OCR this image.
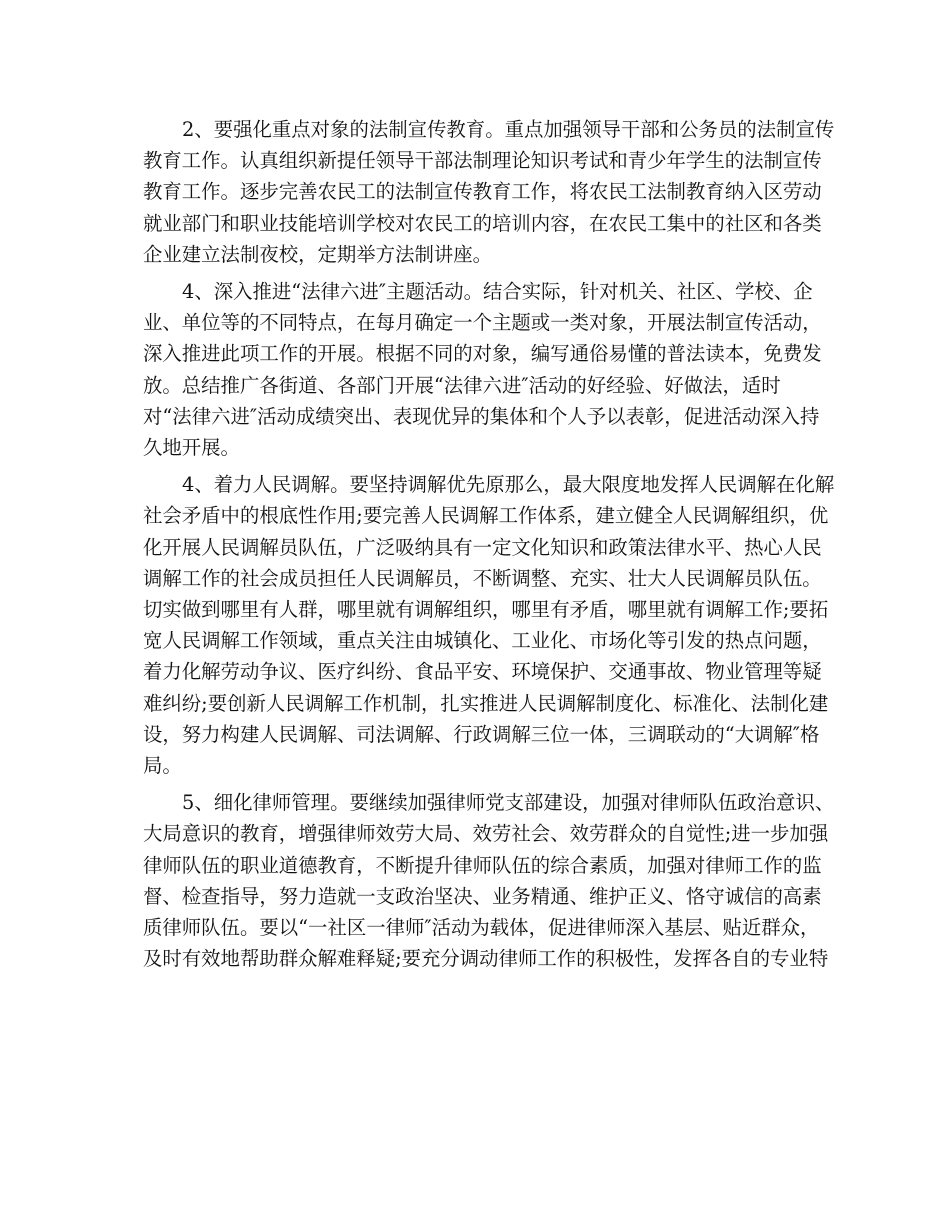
2、要强化重点对象的法制宣传教育。重点加强领导干部和公务员的法制宣传
教育工作。认真组织新提任领导干部法制理论知识考试和青少年学生的法制宣传
教育工作。逐步完善农民工的法制宣传教育工作，将农民工法制教育纳入区劳动
就业部门和职业技能培训学校对农民工的培训内容，在农民工集中的社区和各类
企业建立法制夜校，定期举方法制讲座。

4、深入推进“法律六进″主题活动。结合实际，针对机关、社区、学校、企
业、单位等的不同特点，在每月确定一个主题或一类对象，开展法制宣传活动，
深入推进此项工作的开展。根据不同的对象，编写通俗易懂的普法读本，免费发
放。总结推广各街道、各部门开展“法律六进″活动的好经验、好做法，适时
对“法律六进″活动成绩突出、表现优异的集体和个人予以表彰，促进活动深入持
久地开展。

4、着力人民调解。要坚持调解优先原那么，最大限度地发挥人民调解在化解
社会矛盾中的根底性作用;要完善人民调解工作体系，建立健全人民调解组织，优
化开展人民调解员队伍，广泛吸纳具有一定文化知识和政策法律水平、热心人民
调解工作的社会成员担任人民调解员，不断调整、充实、壮大人民调解员队伍。
切实做到哪里有人群，哪里就有调解组织，哪里有矛盾，哪里就有调解工作;要拓
宽人民调解工作领域，重点关注由城镇化、工业化、市场化等引发的热点问题，
着力化解劳动争议、医疗纠纷、食品平安、环境保护、交通事故、物业管理等疑
难纠纷;要创新人民调解工作机制，扎实推进人民调解制度化、标准化、法制化建
设，努力构建人民调解、司法调解、行政调解三位一体，三调联动的“大调解″格
局。

5、细化律师管理。要继续加强律师党支部建设，加强对律师队伍政治意识、
大局意识的教育，增强律师效劳大局、效劳社会、效劳群众的自觉性;进一步加强
律师队伍的职业道德教育，不断提升律师队伍的综合素质，加强对律师工作的监
督、检查指导，努力造就一支政治坚决、业务精通、维护正义、恪守诚信的高素
质律师队伍。要以“一社区一律师″活动为载体，促进律师深入基层、贴近群众，
及时有效地帮助群众解难释疑;要充分调动律师工作的积极性，发挥各自的专业特
